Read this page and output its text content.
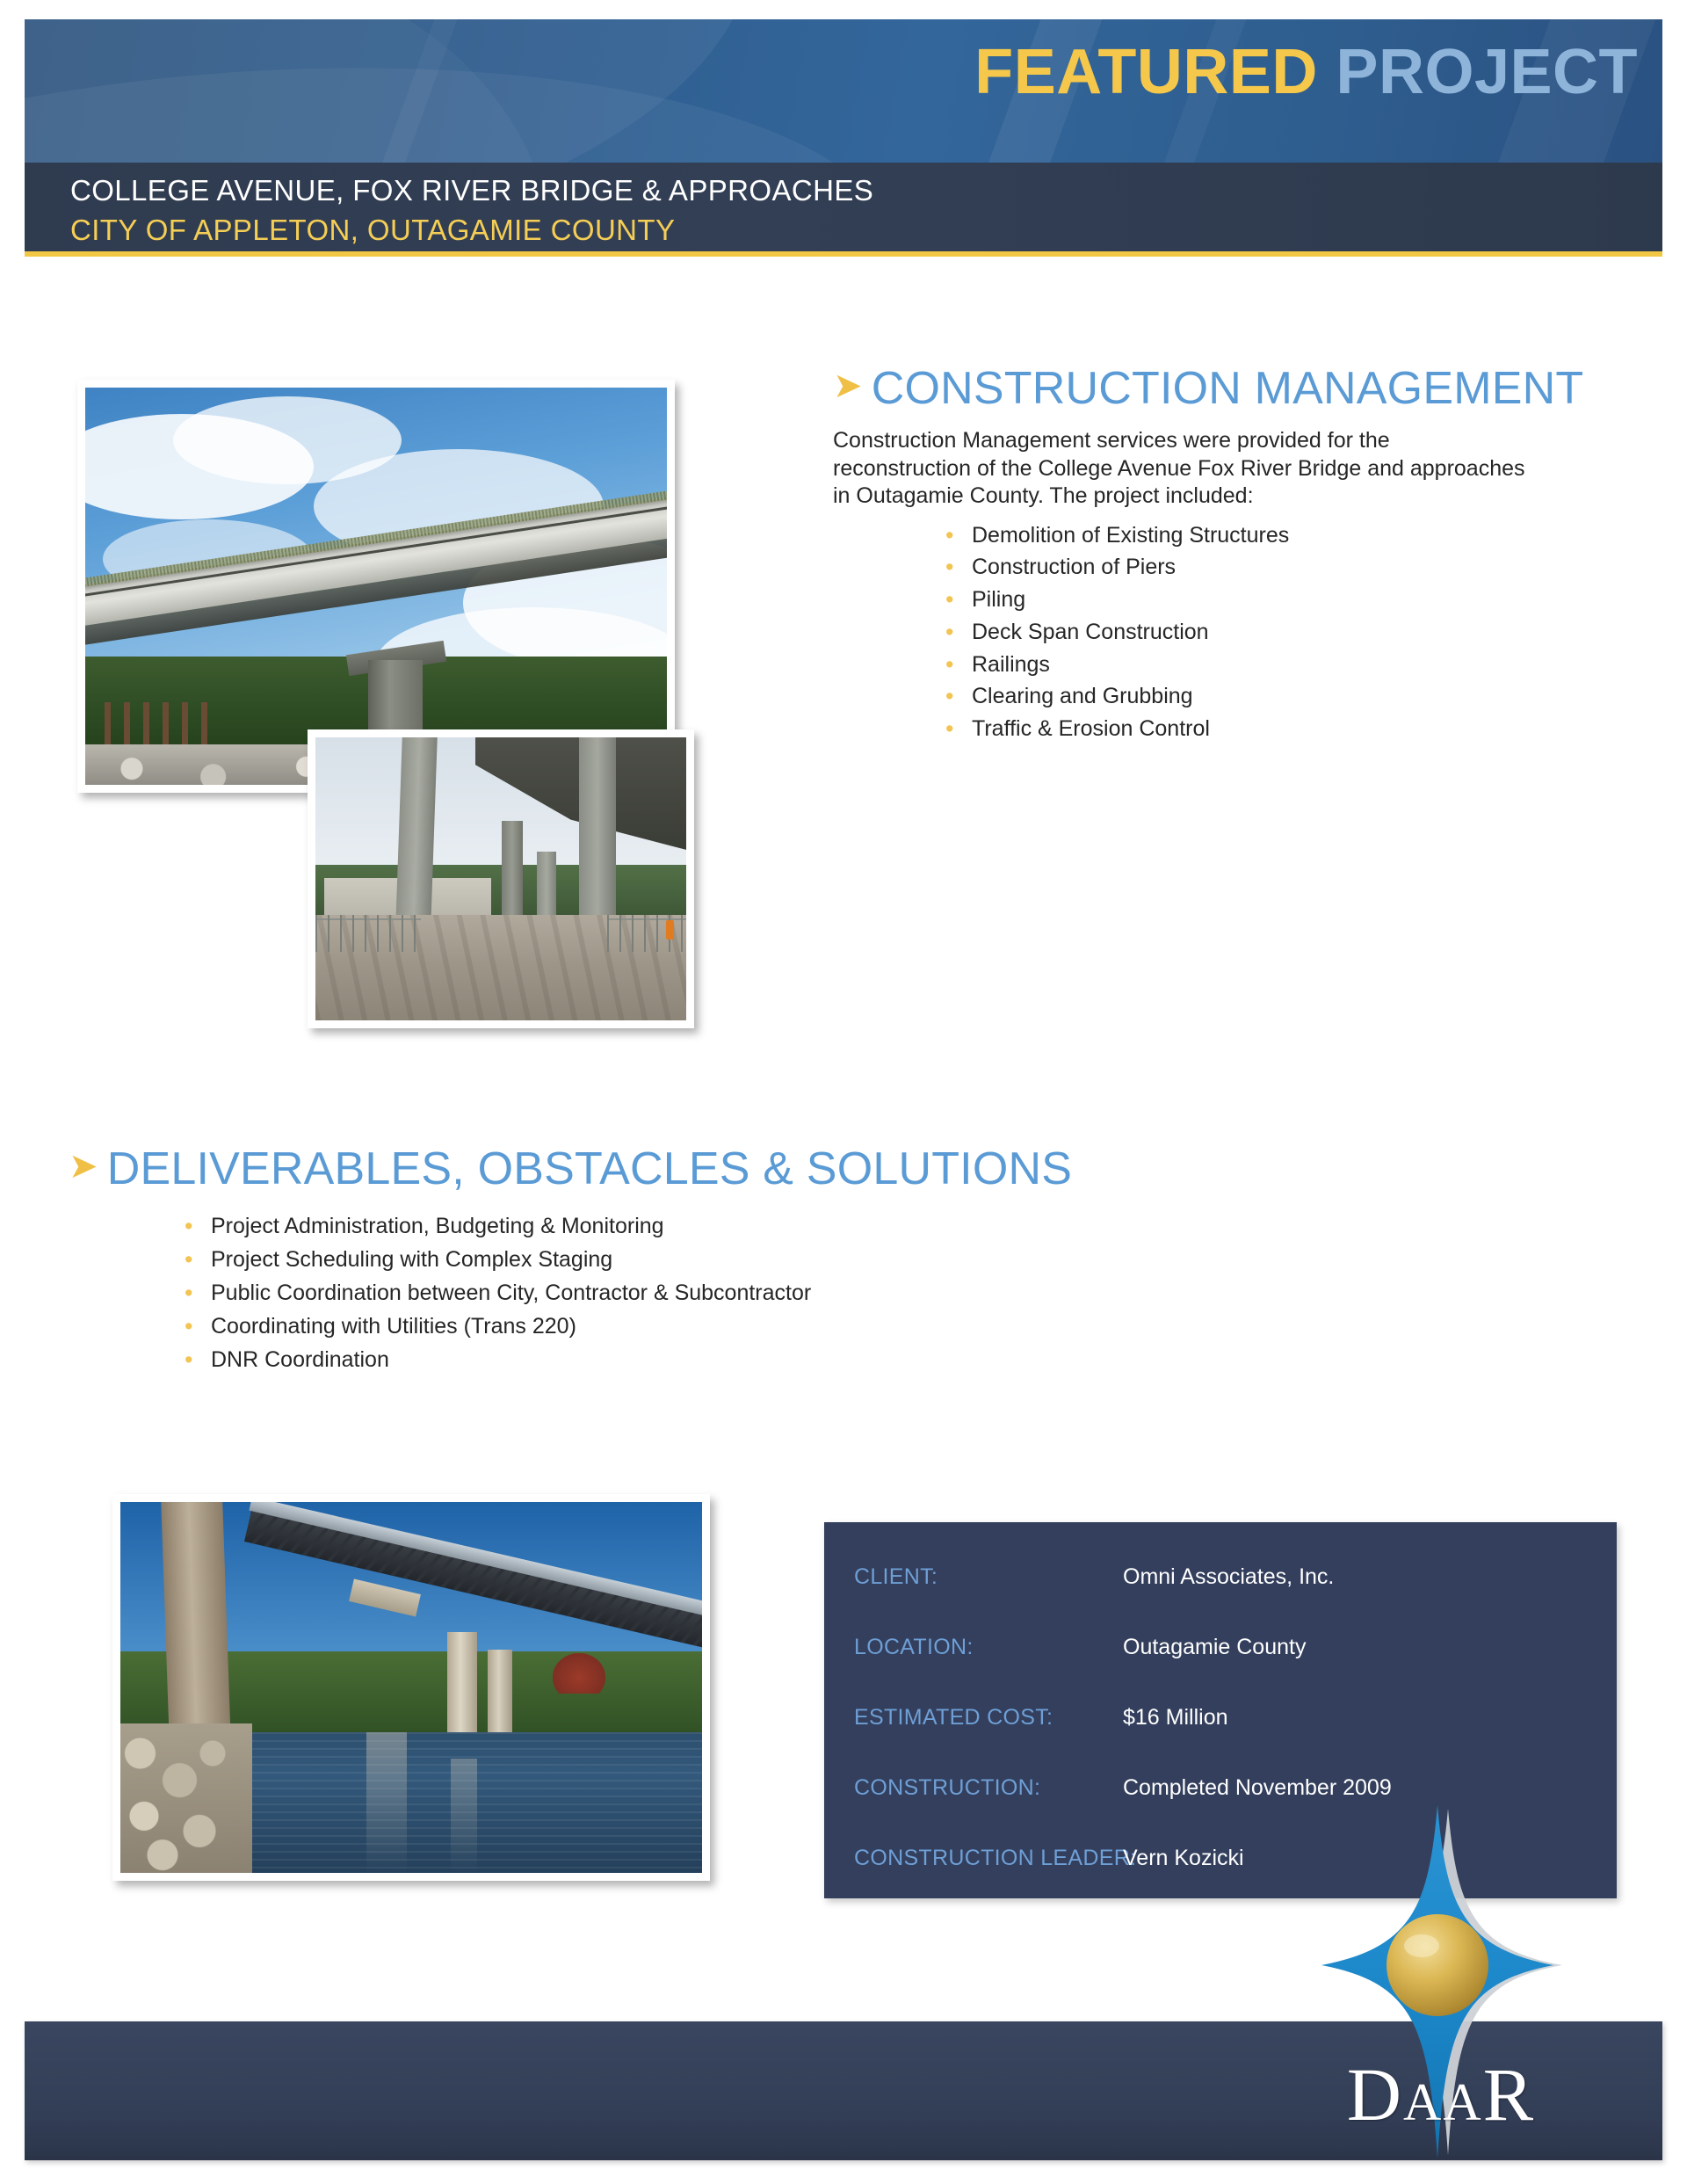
FEATURED PROJECT
COLLEGE AVENUE, FOX RIVER BRIDGE & APPROACHES
CITY OF APPLETON, OUTAGAMIE COUNTY
➤ CONSTRUCTION MANAGEMENT
Construction Management services were provided for the reconstruction of the College Avenue Fox River Bridge and approaches in Outagamie County. The project included:
• Demolition of Existing Structures
• Construction of Piers
• Piling
• Deck Span Construction
• Railings
• Clearing and Grubbing
• Traffic & Erosion Control
➤ DELIVERABLES, OBSTACLES & SOLUTIONS
• Project Administration, Budgeting & Monitoring
• Project Scheduling with Complex Staging
• Public Coordination between City, Contractor & Subcontractor
• Coordinating with Utilities (Trans 220)
• DNR Coordination
CLIENT:	Omni Associates, Inc.
LOCATION:	Outagamie County
ESTIMATED COST:	$16 Million
CONSTRUCTION:	Completed November 2009
CONSTRUCTION LEADER:
Vern Kozicki
DaaR
